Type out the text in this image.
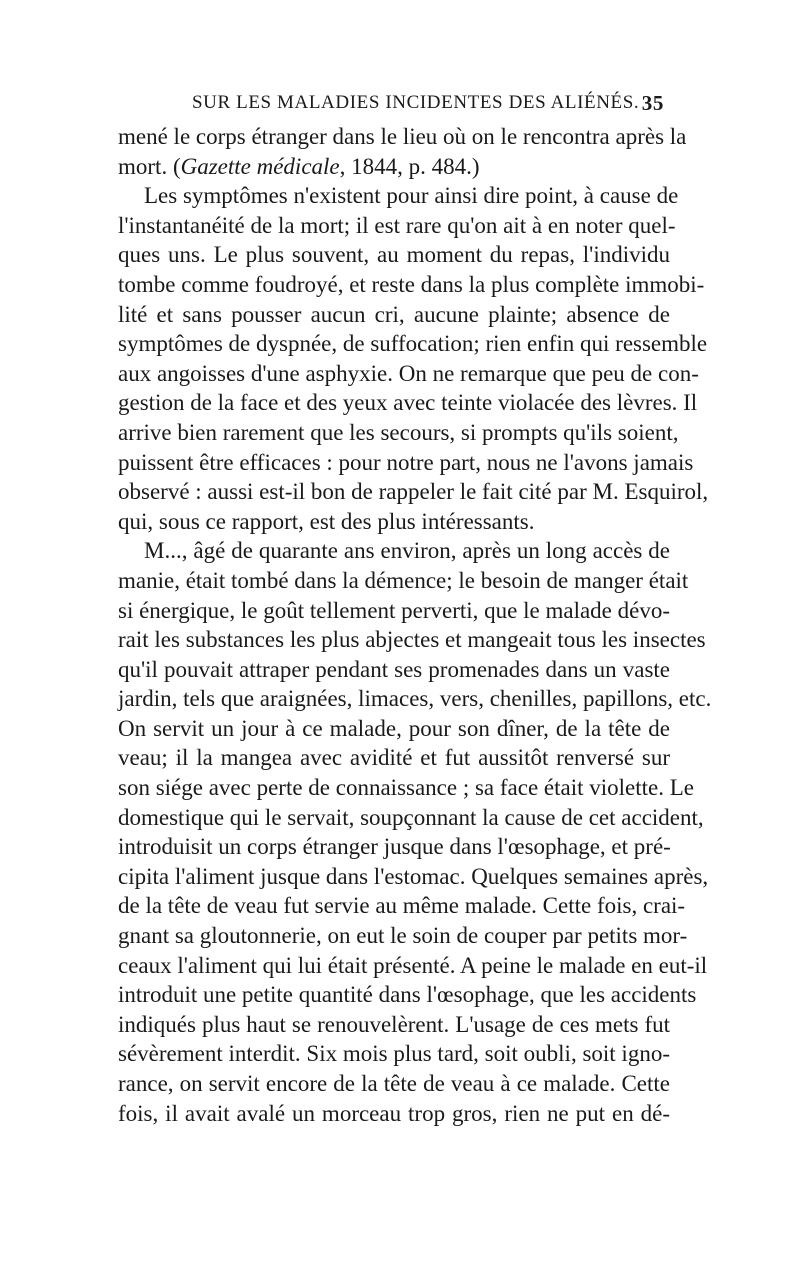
SUR LES MALADIES INCIDENTES DES ALIÉNÉS. 35
mené le corps étranger dans le lieu où on le rencontra après la
mort. (Gazette médicale, 1844, p. 484.)
Les symptômes n'existent pour ainsi dire point, à cause de
l'instantanéité de la mort; il est rare qu'on ait à en noter quel-
ques uns. Le plus souvent, au moment du repas, l'individu
tombe comme foudroyé, et reste dans la plus complète immobi-
lité et sans pousser aucun cri, aucune plainte; absence de
symptômes de dyspnée, de suffocation; rien enfin qui ressemble
aux angoisses d'une asphyxie. On ne remarque que peu de con-
gestion de la face et des yeux avec teinte violacée des lèvres. Il
arrive bien rarement que les secours, si prompts qu'ils soient,
puissent être efficaces : pour notre part, nous ne l'avons jamais
observé : aussi est-il bon de rappeler le fait cité par M. Esquirol,
qui, sous ce rapport, est des plus intéressants.
M..., âgé de quarante ans environ, après un long accès de
manie, était tombé dans la démence; le besoin de manger était
si énergique, le goût tellement perverti, que le malade dévo-
rait les substances les plus abjectes et mangeait tous les insectes
qu'il pouvait attraper pendant ses promenades dans un vaste
jardin, tels que araignées, limaces, vers, chenilles, papillons, etc.
On servit un jour à ce malade, pour son dîner, de la tête de
veau; il la mangea avec avidité et fut aussitôt renversé sur
son siége avec perte de connaissance ; sa face était violette. Le
domestique qui le servait, soupçonnant la cause de cet accident,
introduisit un corps étranger jusque dans l'œsophage, et pré-
cipita l'aliment jusque dans l'estomac. Quelques semaines après,
de la tête de veau fut servie au même malade. Cette fois, crai-
gnant sa gloutonnerie, on eut le soin de couper par petits mor-
ceaux l'aliment qui lui était présenté. A peine le malade en eut-il
introduit une petite quantité dans l'œsophage, que les accidents
indiqués plus haut se renouvelèrent. L'usage de ces mets fut
sévèrement interdit. Six mois plus tard, soit oubli, soit igno-
rance, on servit encore de la tête de veau à ce malade. Cette
fois, il avait avalé un morceau trop gros, rien ne put en dé-
